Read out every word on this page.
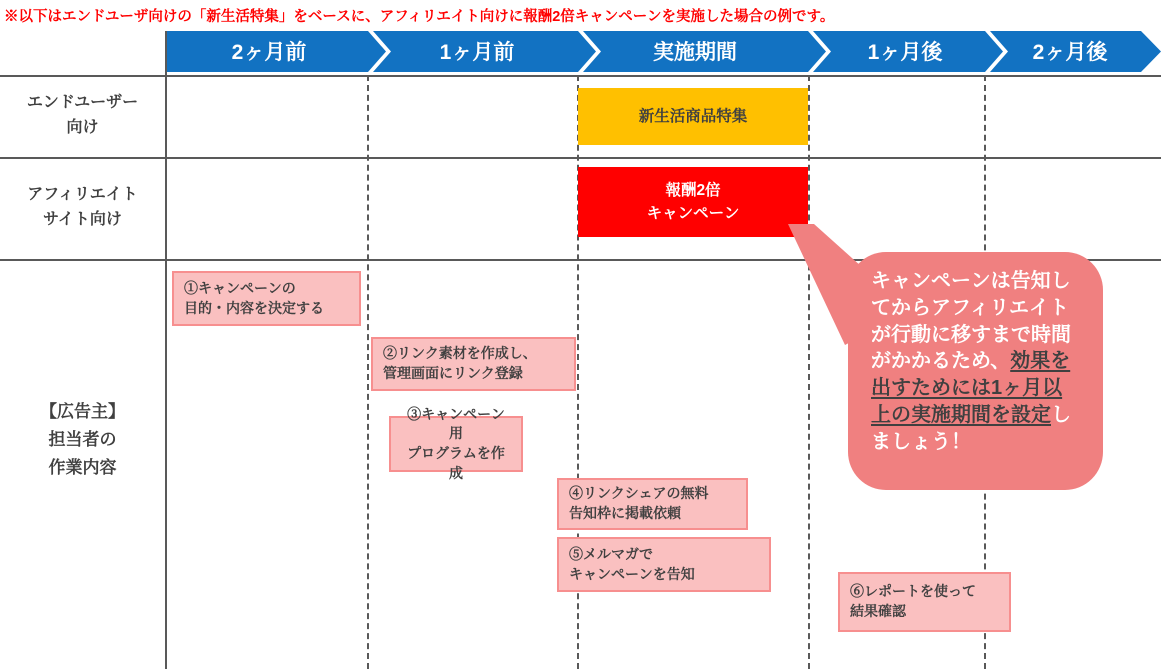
※以下はエンドユーザ向けの「新生活特集」をベースに、アフィリエイト向けに報酬2倍キャンペーンを実施した場合の例です。
2ヶ月前	1ヶ月前	実施期間	1ヶ月後	2ヶ月後
エンドユーザー
向け
アフィリエイト
サイト向け
【広告主】
担当者の
作業内容
新生活商品特集
報酬2倍
キャンペーン
①キャンペーンの
目的・内容を決定する
②リンク素材を作成し、
管理画面にリンク登録
③キャンペーン用
プログラムを作成
④リンクシェアの無料
告知枠に掲載依頼
⑤メルマガで
キャンペーンを告知
⑥レポートを使って
結果確認
キャンペーンは告知してからアフィリエイトが行動に移すまで時間がかかるため、効果を出すためには1ヶ月以上の実施期間を設定しましょう！
